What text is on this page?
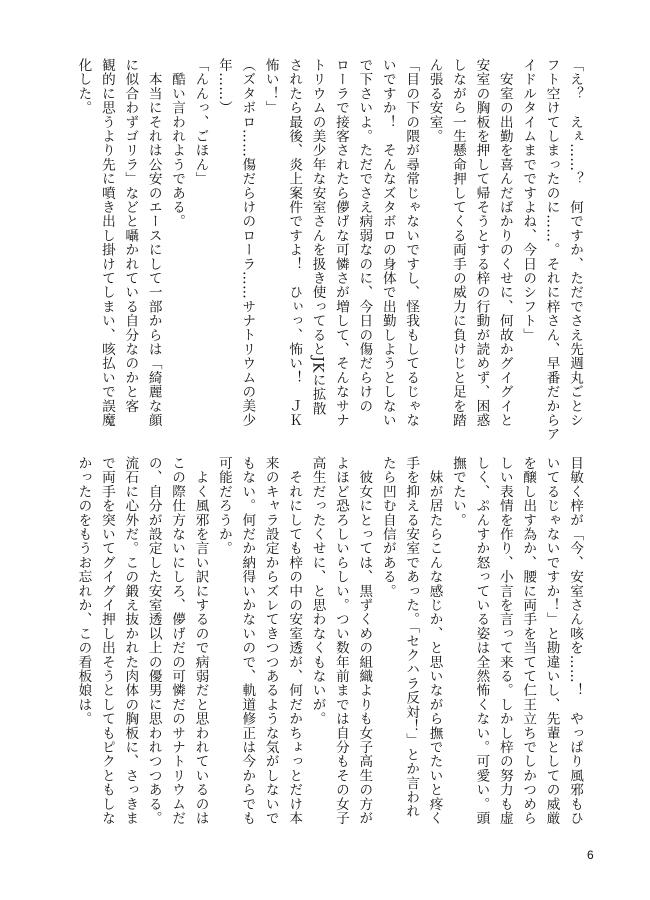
「え？　えぇ……？　何ですか、ただでさえ先週丸ごとシ
フト空けてしまったのに……。それに梓さん、早番だからア
イドルタイムまでですよね、今日のシフト」
　安室の出勤を喜んだばかりのくせに、何故かグイグイと
安室の胸板を押して帰そうとする梓の行動が読めず、困惑
しながら一生懸命押してくる両手の威力に負けじと足を踏
ん張る安室。
「目の下の隈が尋常じゃないですし、怪我もしてるじゃな
いですか！　そんなズタボロの身体で出勤しようとしない
で下さいよ。ただでさえ病弱なのに、今日の傷だらけの
ローラで接客されたら儚げな可憐さが増して、そんなサナ
トリウムの美少年な安室さんを扱き使ってるとJKに拡散
されたら最後、炎上案件ですよ！　ひぃっ、怖い！　ＪＫ
怖い！」
（ズタボロ……傷だらけのローラ……サナトリウムの美少
年……）
「んんっ、ごほん」
　酷い言われようである。
　本当にそれは公安のエースにして一部からは「綺麗な顔
に似合わずゴリラ」などと囁かれている自分なのかと客
観的に思うより先に噴き出し掛けてしまい、咳払いで誤魔
化した。
目敏く梓が「今、安室さん咳を……！　やっぱり風邪もひ
いてるじゃないですか！」と勘違いし、先輩としての威厳
を醸し出す為か、腰に両手を当てて仁王立ちでしかつめら
しい表情を作り、小言を言って来る。しかし梓の努力も虚
しく、ぷんすか怒っている姿は全然怖くない。可愛い。頭
撫でたい。
　妹が居たらこんな感じか、と思いながら撫でたいと疼く
手を抑える安室であった。「セクハラ反対！」とか言われ
たら凹む自信がある。
　彼女にとっては、黒ずくめの組織よりも女子高生の方が
よほど恐ろしいらしい。つい数年前までは自分もその女子
高生だったくせに、と思わなくもないが。
　それにしても梓の中の安室透が、何だかちょっとだけ本
来のキャラ設定からズレてきつつあるような気がしないで
もない。何だか納得いかないので、軌道修正は今からでも
可能だろうか。
　よく風邪を言い訳にするので病弱だと思われているのは
この際仕方ないにしろ、儚げだの可憐だのサナトリウムだ
の、自分が設定した安室透以上の優男に思われつつある。
流石に心外だ。この鍛え抜かれた肉体の胸板に、さっきま
で両手を突いてグイグイ押し出そうとしてもピクともしな
かったのをもうお忘れか、この看板娘は。
6
